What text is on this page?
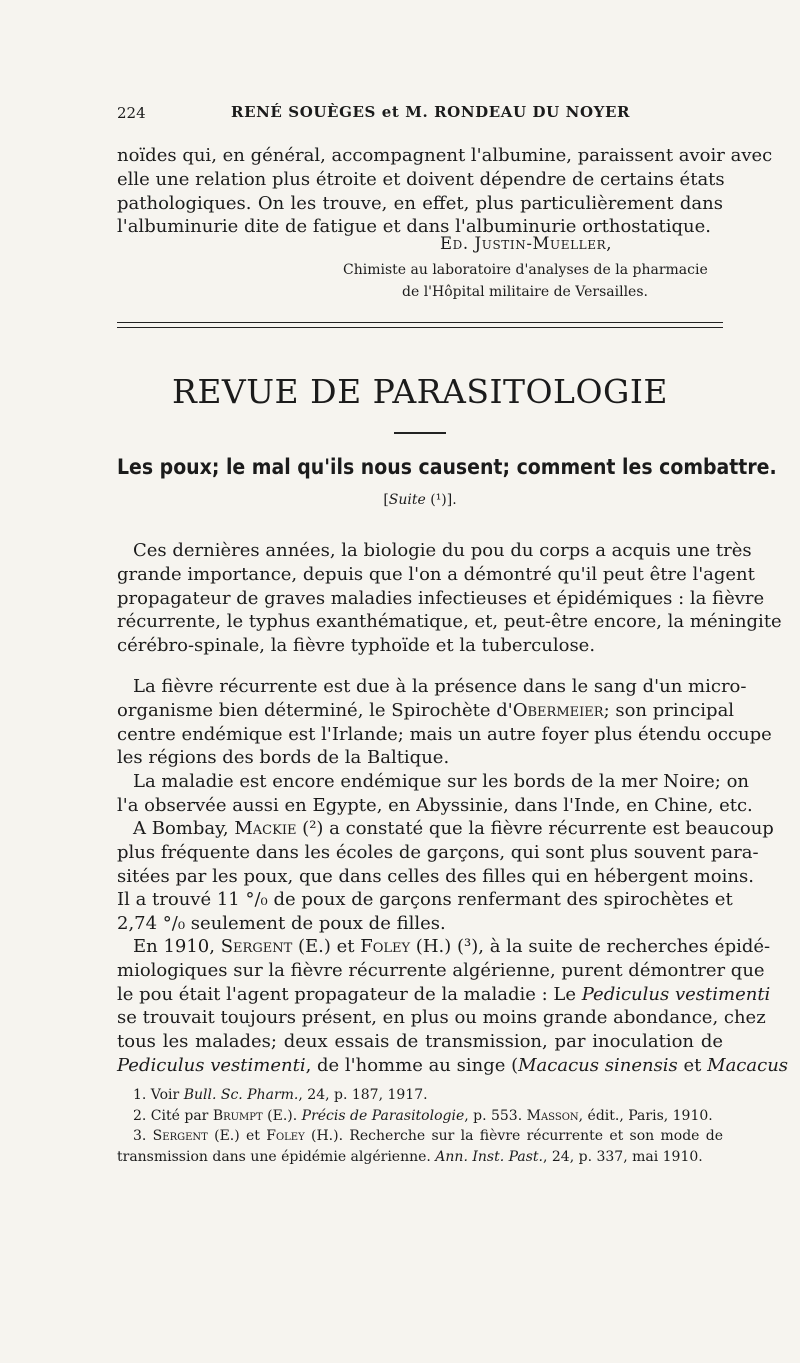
224	RENÉ SOUÈGES et M. RONDEAU DU NOYER
noïdes qui, en général, accompagnent l'albumine, paraissent avoir avec
elle une relation plus étroite et doivent dépendre de certains états
pathologiques. On les trouve, en effet, plus particulièrement dans
l'albuminurie dite de fatigue et dans l'albuminurie orthostatique.
Ed. Justin-Mueller,
Chimiste au laboratoire d'analyses de la pharmacie
de l'Hôpital militaire de Versailles.
REVUE DE PARASITOLOGIE
Les poux; le mal qu'ils nous causent; comment les combattre.
[Suite (¹)].
Ces dernières années, la biologie du pou du corps a acquis une très
grande importance, depuis que l'on a démontré qu'il peut être l'agent
propagateur de graves maladies infectieuses et épidémiques : la fièvre
récurrente, le typhus exanthématique, et, peut-être encore, la méningite
cérébro-spinale, la fièvre typhoïde et la tuberculose.
La fièvre récurrente est due à la présence dans le sang d'un micro-
organisme bien déterminé, le Spirochète d'Obermeier; son principal
centre endémique est l'Irlande; mais un autre foyer plus étendu occupe
les régions des bords de la Baltique.
La maladie est encore endémique sur les bords de la mer Noire; on
l'a observée aussi en Egypte, en Abyssinie, dans l'Inde, en Chine, etc.
A Bombay, Mackie (²) a constaté que la fièvre récurrente est beaucoup
plus fréquente dans les écoles de garçons, qui sont plus souvent para-
sitées par les poux, que dans celles des filles qui en hébergent moins.
Il a trouvé 11 °/₀ de poux de garçons renfermant des spirochètes et
2,74 °/₀ seulement de poux de filles.
En 1910, Sergent (E.) et Foley (H.) (³), à la suite de recherches épidé-
miologiques sur la fièvre récurrente algérienne, purent démontrer que
le pou était l'agent propagateur de la maladie : Le Pediculus vestimenti
se trouvait toujours présent, en plus ou moins grande abondance, chez
tous les malades; deux essais de transmission, par inoculation de
Pediculus vestimenti, de l'homme au singe (Macacus sinensis et Macacus
1. Voir Bull. Sc. Pharm., 24, p. 187, 1917.
2. Cité par Brumpt (E.). Précis de Parasitologie, p. 553. Masson, édit., Paris, 1910.
3. Sergent (E.) et Foley (H.). Recherche sur la fièvre récurrente et son mode de
transmission dans une épidémie algérienne. Ann. Inst. Past., 24, p. 337, mai 1910.
